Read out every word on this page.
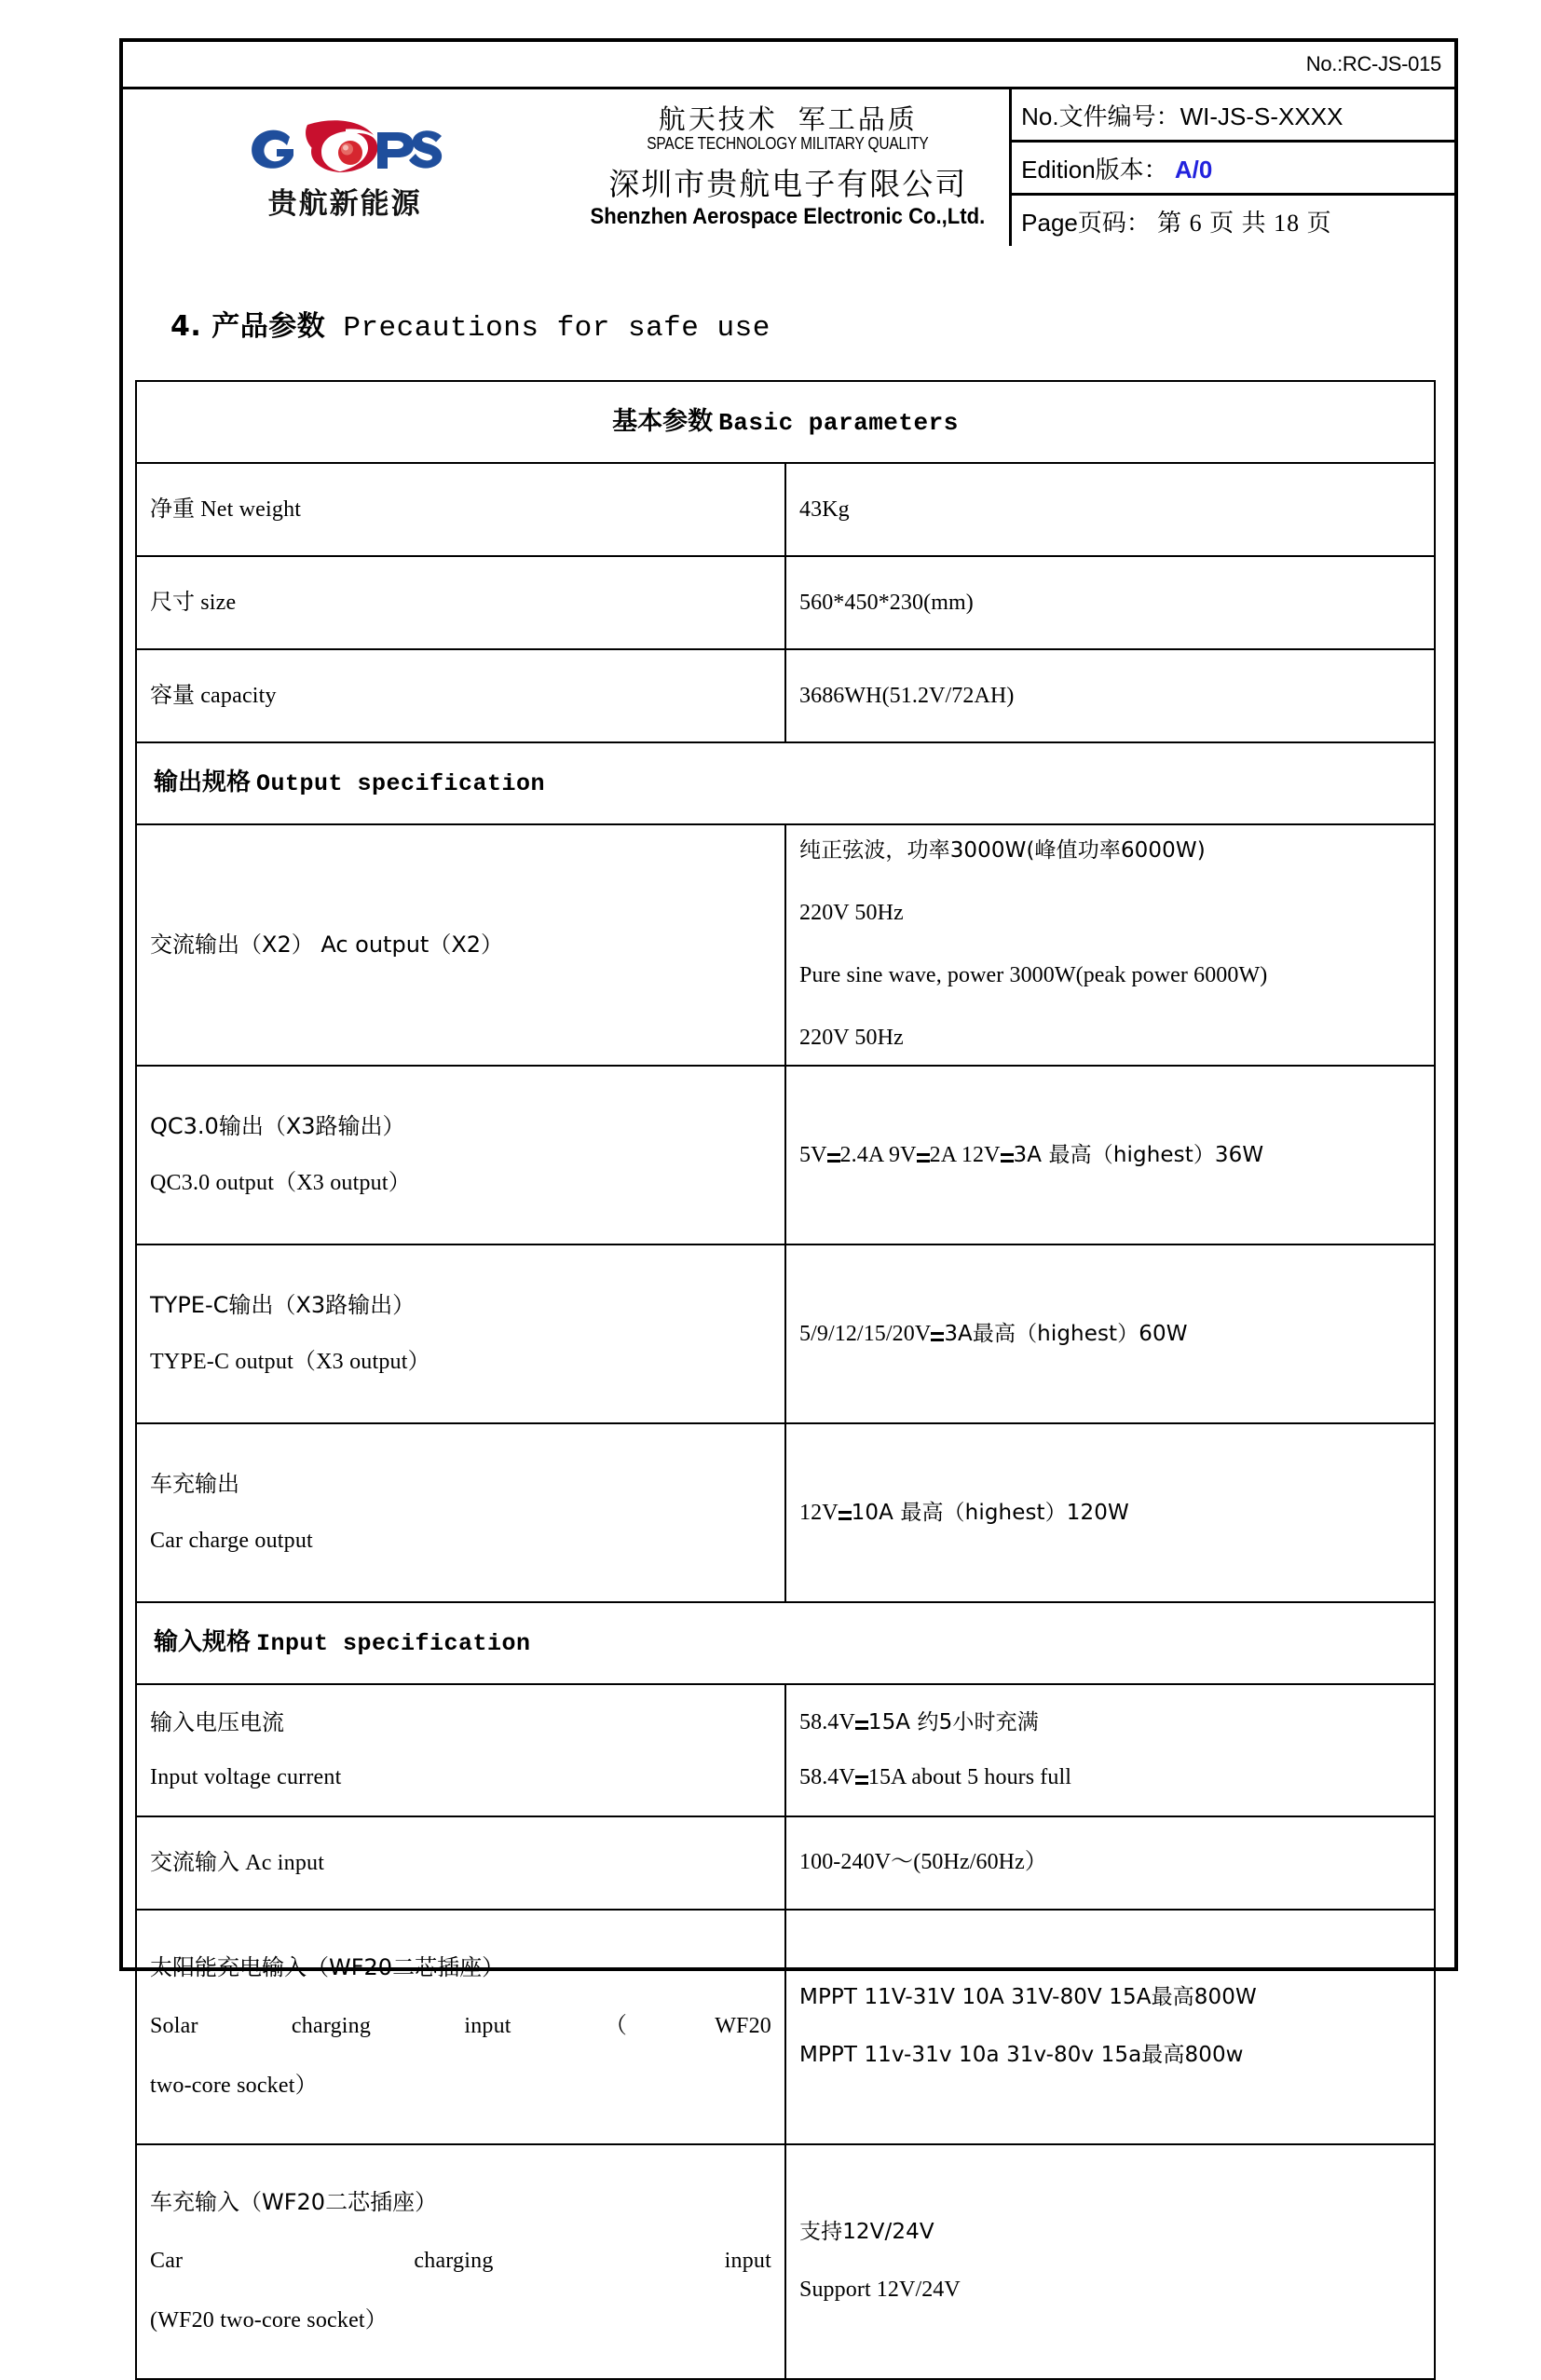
No.:RC-JS-015

贵航新能源

航天技术 军工品质
SPACE TECHNOLOGY MILITARY QUALITY
深圳市贵航电子有限公司
Shenzhen Aerospace Electronic Co.,Ltd.

No.文件编号：WI-JS-S-XXXX
Edition版本： A/0
Page页码： 第 6 页 共 18 页
4. 产品参数 Precautions for safe use
基本参数 Basic parameters	
净重 Net weight	43Kg
尺寸 size	560*450*230(mm)
容量 capacity	3686WH(51.2V/72AH)
输出规格 Output specification	
交流输出（X2） Ac output（X2）	纯正弦波，功率3000W(峰值功率6000W)
220V 50Hz
Pure sine wave, power 3000W(peak power 6000W)
220V 50Hz

QC3.0输出（X3路输出）
QC3.0 output（X3 output）	5V 2.4A 9V 2A 12V 3A 最高（highest）36W

TYPE-C输出（X3路输出）
TYPE-C output（X3 output）	5/9/12/15/20V 3A最高（highest）60W

车充输出
Car charge output	12V 10A 最高（highest）120W
输入规格 Input specification	

输入电压电流
Input voltage current	58.4V 15A 约5小时充满
58.4V 15A about 5 hours full

交流输入 Ac input	100-240V～(50Hz/60Hz）

太阳能充电输入（WF20二芯插座）
Solar charging input （WF20
two-core socket）	MPPT 11V-31V 10A 31V-80V 15A最高800W
MPPT 11v-31v 10a 31v-80v 15a最高800w

车充输入（WF20二芯插座）
Car charging input
(WF20 two-core socket）	支持12V/24V
Support 12V/24V
